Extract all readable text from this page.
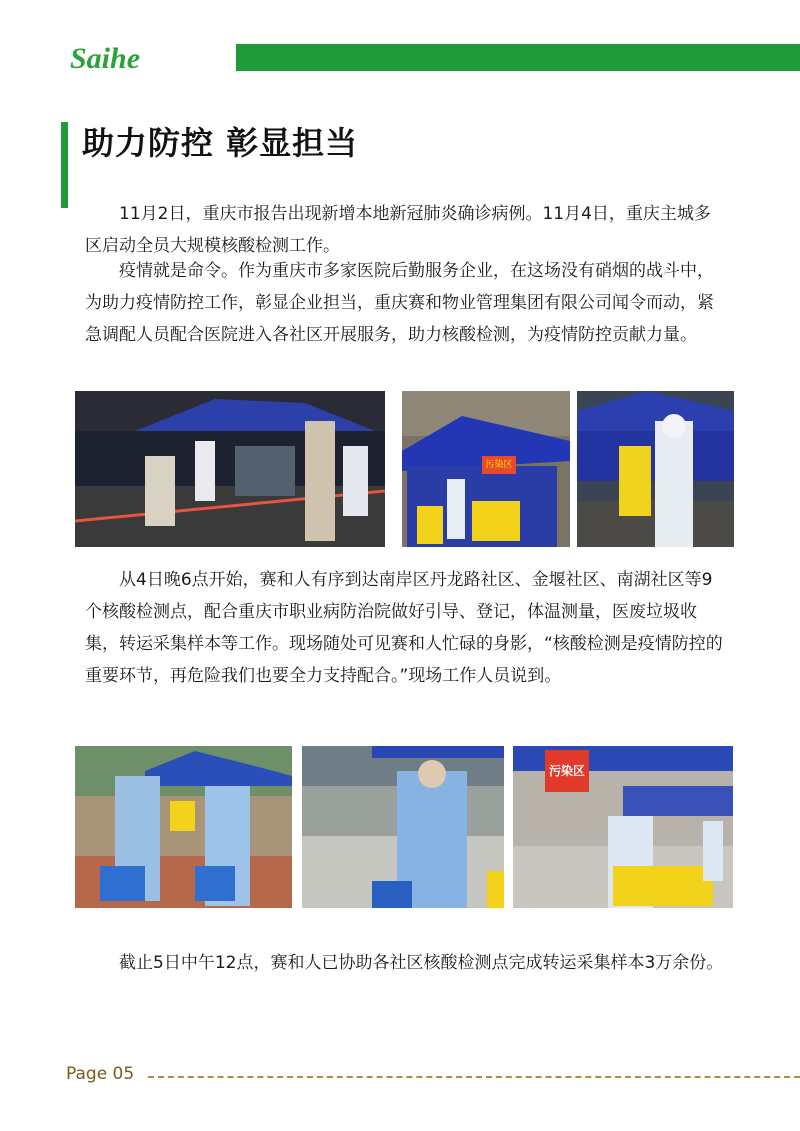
Saihe
助力防控 彰显担当

11月2日，重庆市报告出现新增本地新冠肺炎确诊病例。11月4日，重庆主城多区启动全员大规模核酸检测工作。

疫情就是命令。作为重庆市多家医院后勤服务企业，在这场没有硝烟的战斗中，为助力疫情防控工作，彰显企业担当，重庆赛和物业管理集团有限公司闻令而动，紧急调配人员配合医院进入各社区开展服务，助力核酸检测，为疫情防控贡献力量。

污染区

从4日晚6点开始，赛和人有序到达南岸区丹龙路社区、金堰社区、南湖社区等9个核酸检测点，配合重庆市职业病防治院做好引导、登记，体温测量，医废垃圾收集，转运采集样本等工作。现场随处可见赛和人忙碌的身影，“核酸检测是疫情防控的重要环节，再危险我们也要全力支持配合。”现场工作人员说到。

污染区

截止5日中午12点，赛和人已协助各社区核酸检测点完成转运采集样本3万余份。

Page 05
